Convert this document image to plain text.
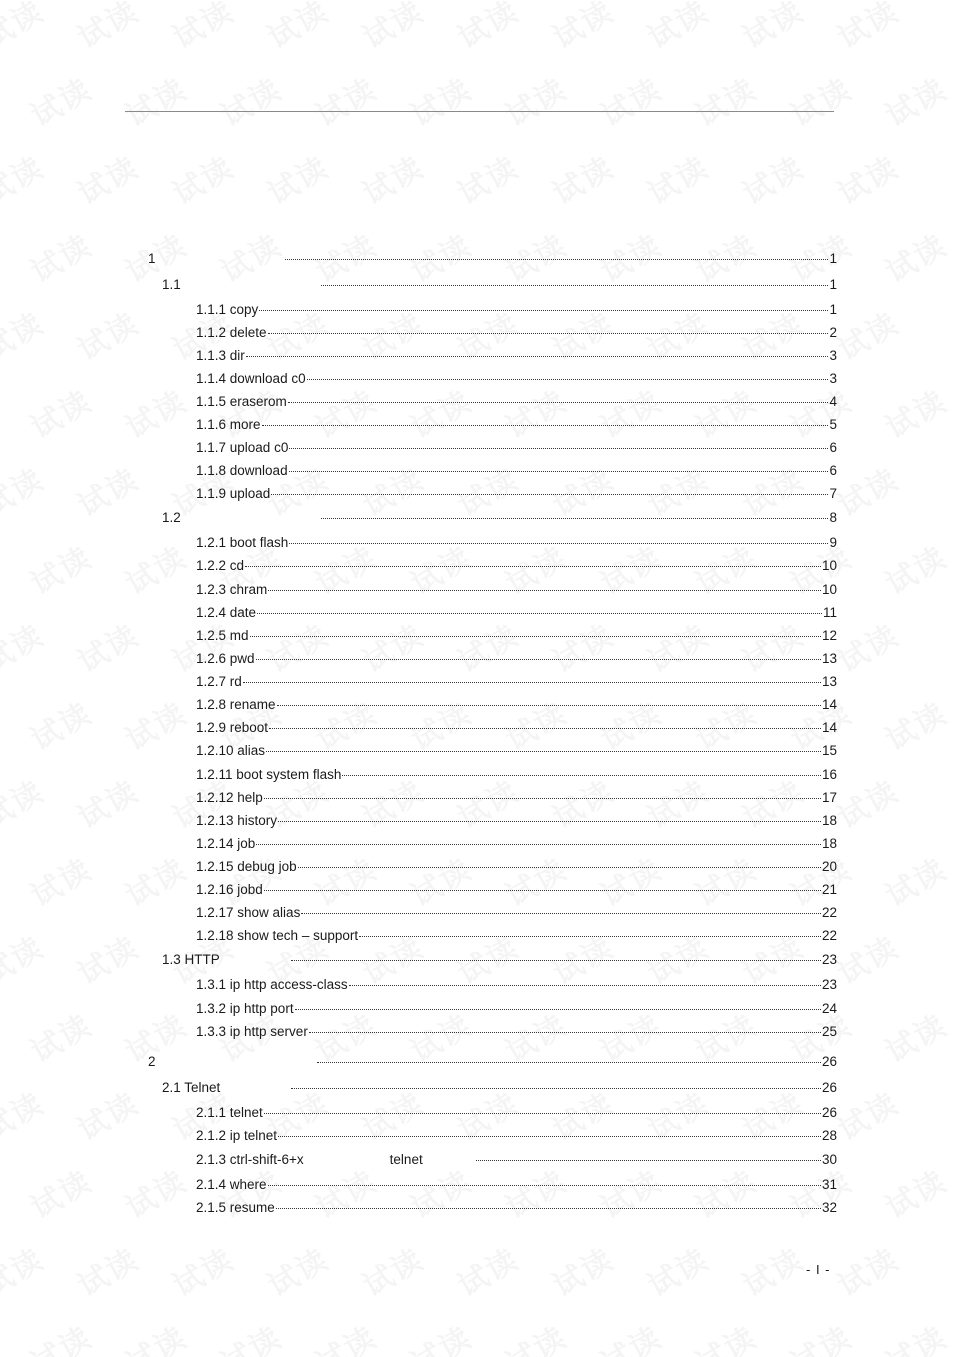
1	1
1.1	1
1.1.1 copy	1
1.1.2 delete	2
1.1.3 dir	3
1.1.4 download c0	3
1.1.5 eraserom	4
1.1.6 more	5
1.1.7 upload c0	6
1.1.8 download	6
1.1.9 upload	7
1.2	8
1.2.1 boot flash	9
1.2.2 cd	10
1.2.3 chram	10
1.2.4 date	11
1.2.5 md	12
1.2.6 pwd	13
1.2.7 rd	13
1.2.8 rename	14
1.2.9 reboot	14
1.2.10 alias	15
1.2.11 boot system flash	16
1.2.12 help	17
1.2.13 history	18
1.2.14 job	18
1.2.15 debug job	20
1.2.16 jobd	21
1.2.17 show alias	22
1.2.18 show tech – support	22
1.3 HTTP	23
1.3.1 ip http access-class	23
1.3.2 ip http port	24
1.3.3 ip http server	25
2	26
2.1 Telnet	26
2.1.1 telnet	26
2.1.2 ip telnet	28
2.1.3 ctrl-shift-6+x	telnet	30
2.1.4 where	31
2.1.5 resume	32
- I -
